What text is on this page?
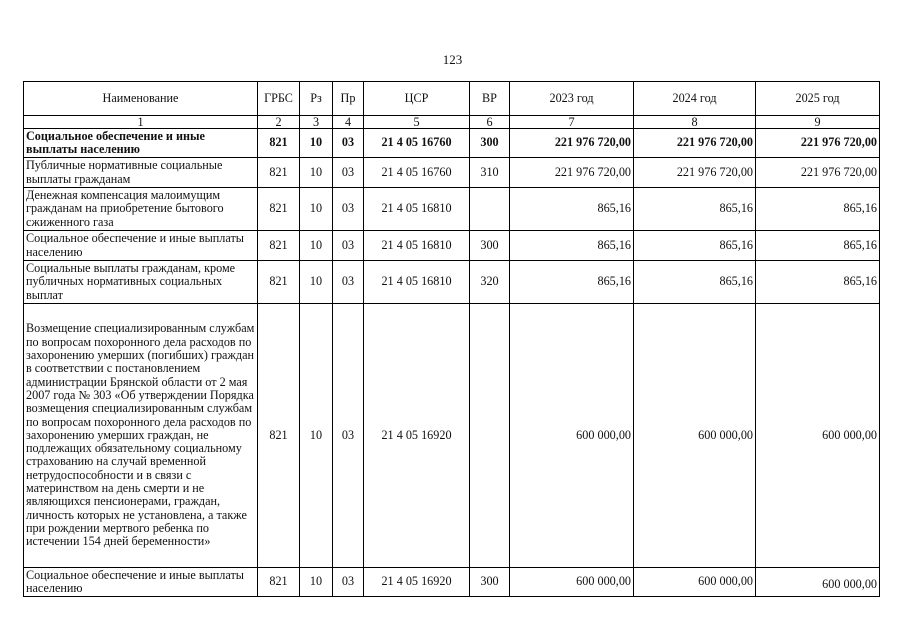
123
Наименование	ГРБС	Рз	Пр	ЦСР	ВР	2023 год	2024 год	2025 год
1	2	3	4	5	6	7	8	9
Социальное обеспечение и иные выплаты населению	821	10	03	21 4 05 16760	300	221 976 720,00	221 976 720,00	221 976 720,00
Публичные нормативные социальные выплаты гражданам	821	10	03	21 4 05 16760	310	221 976 720,00	221 976 720,00	221 976 720,00
Денежная компенсация малоимущим гражданам на приобретение бытового сжиженного газа	821	10	03	21 4 05 16810		865,16	865,16	865,16
Социальное обеспечение и иные выплаты населению	821	10	03	21 4 05 16810	300	865,16	865,16	865,16
Социальные выплаты гражданам, кроме публичных нормативных социальных выплат	821	10	03	21 4 05 16810	320	865,16	865,16	865,16
Возмещение специализированным службам по вопросам похоронного дела расходов по захоронению умерших (погибших) граждан в соответствии с постановлением администрации Брянской области от 2 мая 2007 года № 303 «Об утверждении Порядка возмещения специализированным службам по вопросам похоронного дела расходов по захоронению умерших граждан, не подлежащих обязательному социальному страхованию на случай временной нетрудоспособности и в связи с материнством на день смерти и не являющихся пенсионерами, граждан, личность которых не установлена, а также при рождении мертвого ребенка по истечении 154 дней беременности»	821	10	03	21 4 05 16920		600 000,00	600 000,00	600 000,00
Социальное обеспечение и иные выплаты населению	821	10	03	21 4 05 16920	300	600 000,00	600 000,00	600 000,00
